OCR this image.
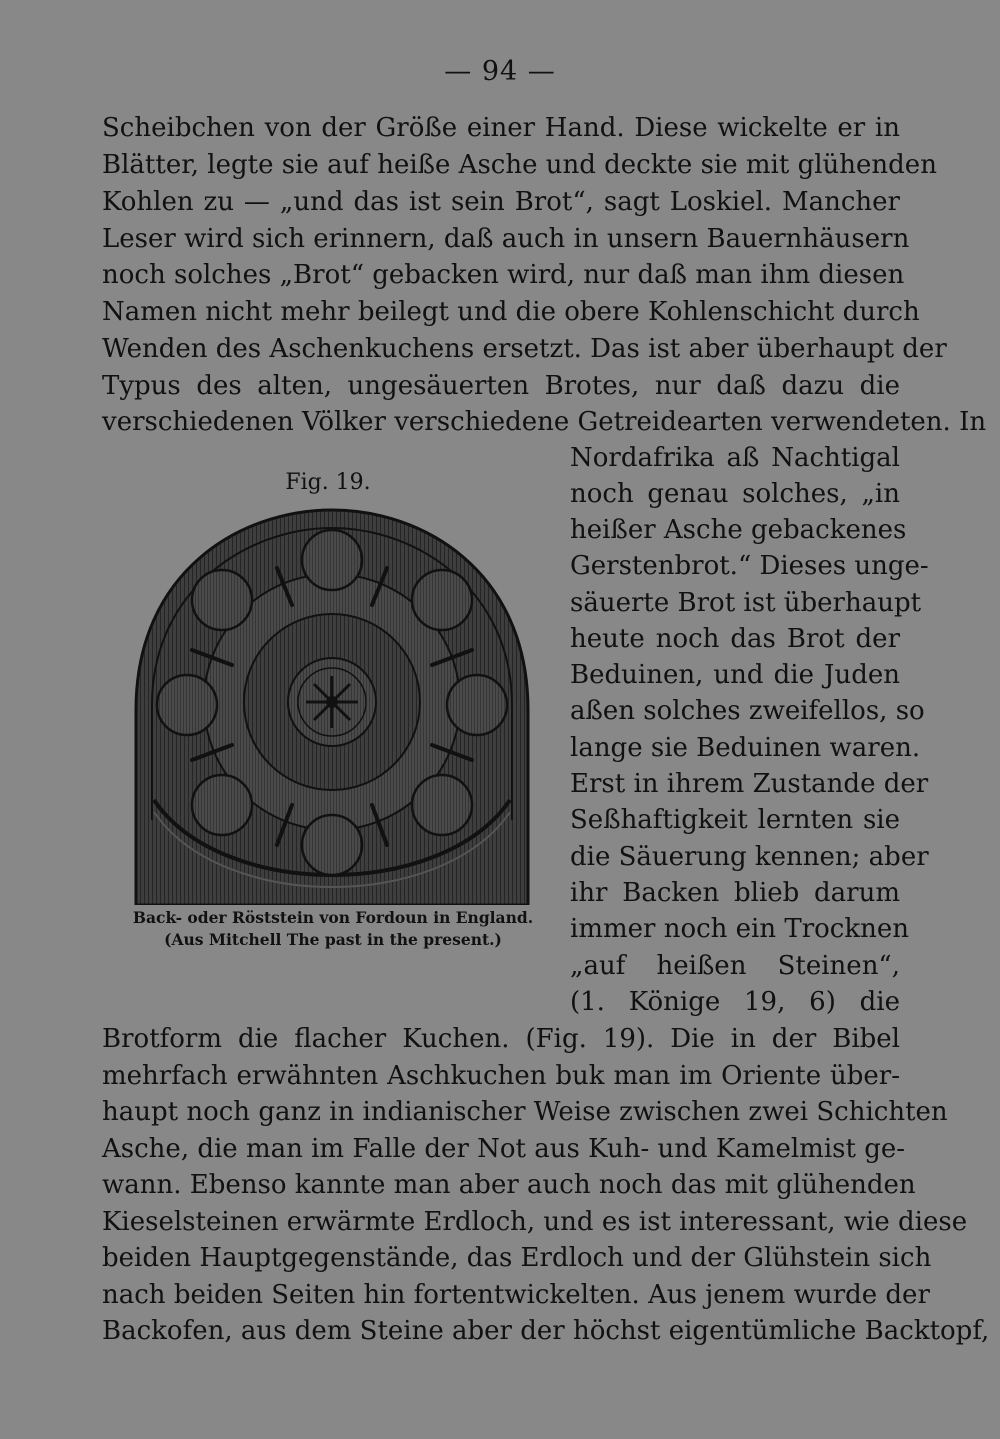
— 94 —
Scheibchen von der Größe einer Hand. Diese wickelte er in
Blätter, legte sie auf heiße Asche und deckte sie mit glühenden
Kohlen zu — „und das ist sein Brot“, sagt Loskiel. Mancher
Leser wird sich erinnern, daß auch in unsern Bauernhäusern
noch solches „Brot“ gebacken wird, nur daß man ihm diesen
Namen nicht mehr beilegt und die obere Kohlenschicht durch
Wenden des Aschenkuchens ersetzt. Das ist aber überhaupt der
Typus des alten, ungesäuerten Brotes, nur daß dazu die
verschiedenen Völker verschiedene Getreidearten verwendeten. In
Nordafrika aß Nachtigal
noch genau solches, „in
heißer Asche gebackenes
Gerstenbrot.“ Dieses unge-
säuerte Brot ist überhaupt
heute noch das Brot der
Beduinen, und die Juden
aßen solches zweifellos, so
lange sie Beduinen waren.
Erst in ihrem Zustande der
Seßhaftigkeit lernten sie
die Säuerung kennen; aber
ihr Backen blieb darum
immer noch ein Trocknen
„auf heißen Steinen“,
(1. Könige 19, 6) die
Brotform die flacher Kuchen. (Fig. 19). Die in der Bibel
mehrfach erwähnten Aschkuchen buk man im Oriente über-
haupt noch ganz in indianischer Weise zwischen zwei Schichten
Asche, die man im Falle der Not aus Kuh- und Kamelmist ge-
wann. Ebenso kannte man aber auch noch das mit glühenden
Kieselsteinen erwärmte Erdloch, und es ist interessant, wie diese
beiden Hauptgegenstände, das Erdloch und der Glühstein sich
nach beiden Seiten hin fortentwickelten. Aus jenem wurde der
Backofen, aus dem Steine aber der höchst eigentümliche Backtopf,
Fig. 19.
Back- oder Röststein von Fordoun in England.
(Aus Mitchell The past in the present.)
